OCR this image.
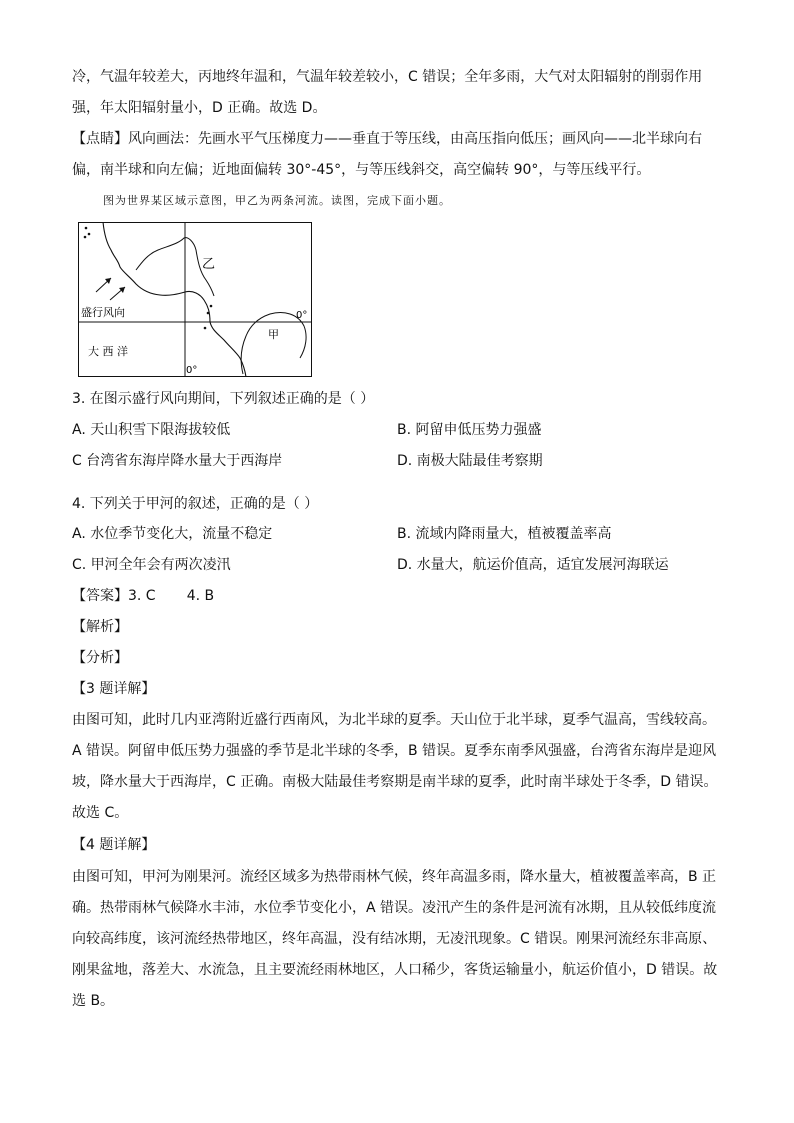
冷，气温年较差大，丙地终年温和，气温年较差较小，C 错误；全年多雨，大气对太阳辐射的削弱作用
强，年太阳辐射量小，D 正确。故选 D。
【点睛】风向画法：先画水平气压梯度力——垂直于等压线，由高压指向低压；画风向——北半球向右
偏，南半球和向左偏；近地面偏转 30°-45°，与等压线斜交，高空偏转 90°，与等压线平行。
图为世界某区域示意图，甲乙为两条河流。读图，完成下面小题。
乙
甲
盛行风向
大 西 洋
0°
0°
3. 在图示盛行风向期间，下列叙述正确的是（ ）
A. 天山积雪下限海拔较低	B. 阿留申低压势力强盛
C 台湾省东海岸降水量大于西海岸	D. 南极大陆最佳考察期
4. 下列关于甲河的叙述，正确的是（ ）
A. 水位季节变化大，流量不稳定	B. 流域内降雨量大，植被覆盖率高
C. 甲河全年会有两次凌汛	D. 水量大，航运价值高，适宜发展河海联运
【答案】3. C       4. B
【解析】
【分析】
【3 题详解】
由图可知，此时几内亚湾附近盛行西南风，为北半球的夏季。天山位于北半球，夏季气温高，雪线较高。
A 错误。阿留申低压势力强盛的季节是北半球的冬季，B 错误。夏季东南季风强盛，台湾省东海岸是迎风
坡，降水量大于西海岸，C 正确。南极大陆最佳考察期是南半球的夏季，此时南半球处于冬季，D 错误。
故选 C。
【4 题详解】
由图可知，甲河为刚果河。流经区域多为热带雨林气候，终年高温多雨，降水量大，植被覆盖率高，B 正
确。热带雨林气候降水丰沛，水位季节变化小，A 错误。凌汛产生的条件是河流有冰期，且从较低纬度流
向较高纬度，该河流经热带地区，终年高温，没有结冰期，无凌汛现象。C 错误。刚果河流经东非高原、
刚果盆地，落差大、水流急，且主要流经雨林地区，人口稀少，客货运输量小，航运价值小，D 错误。故
选 B。
